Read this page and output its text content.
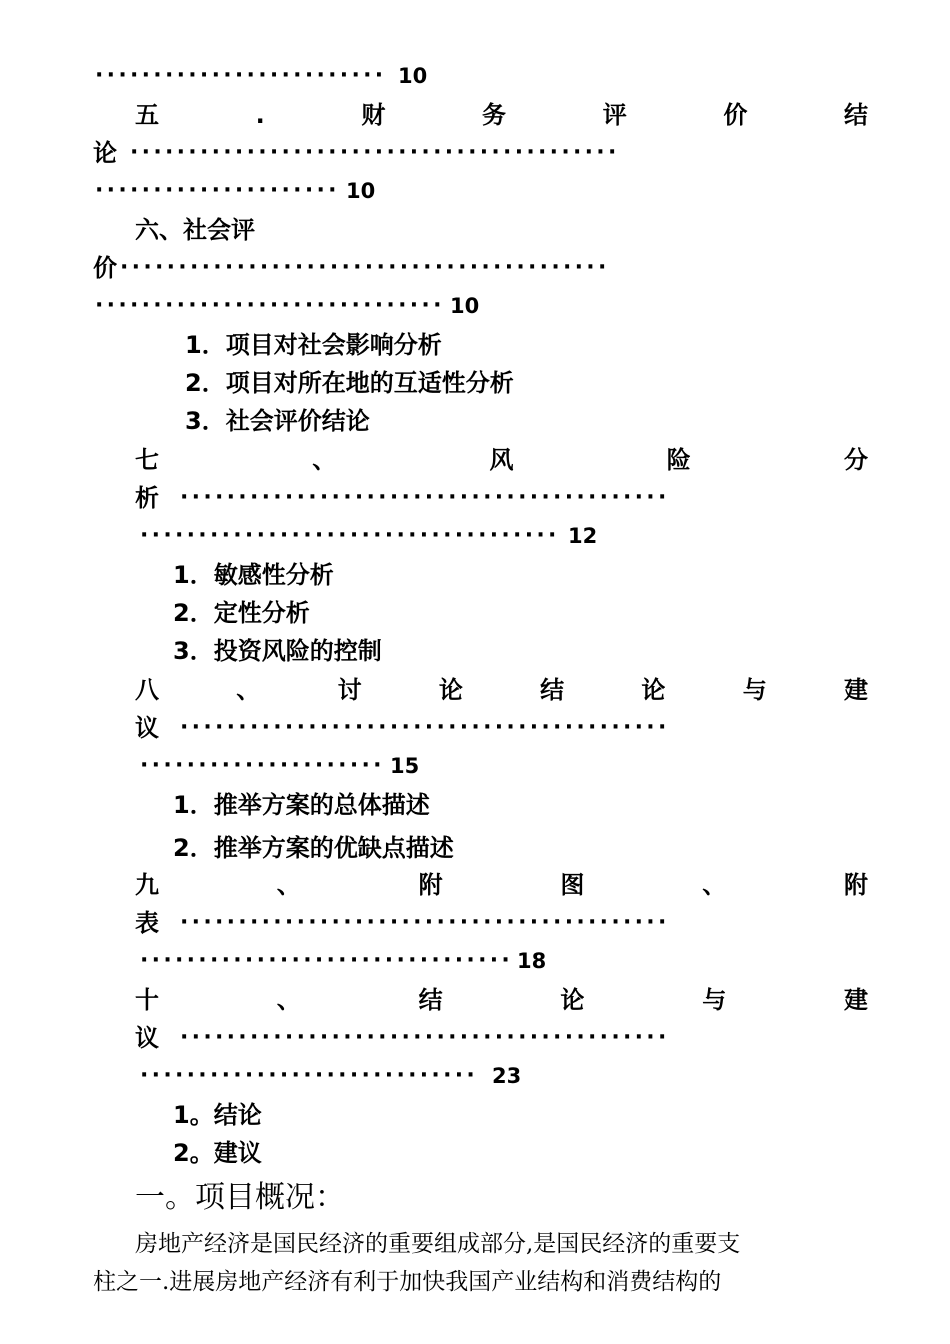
························· 10
五	.	财	务	评	价	结
论 ··········································
····················· 10
六、社会评
价 ··········································
······························ 10
1．项目对社会影响分析
2．项目对所在地的互适性分析
3．社会评价结论
七	、	风	险	分
析 ··········································
···································· 12
1．敏感性分析
2．定性分析
3．投资风险的控制
八	、	讨	论	结	论	与	建
议 ··········································
····················· 15
1．推举方案的总体描述
2．推举方案的优缺点描述
九	、	附	图	、	附
表 ··········································
································ 18
十	、	结	论	与	建
议 ··········································
····························· 23
1。结论
2。建议
一。项目概况：
房地产经济是国民经济的重要组成部分,是国民经济的重要支
柱之一.进展房地产经济有利于加快我国产业结构和消费结构的
